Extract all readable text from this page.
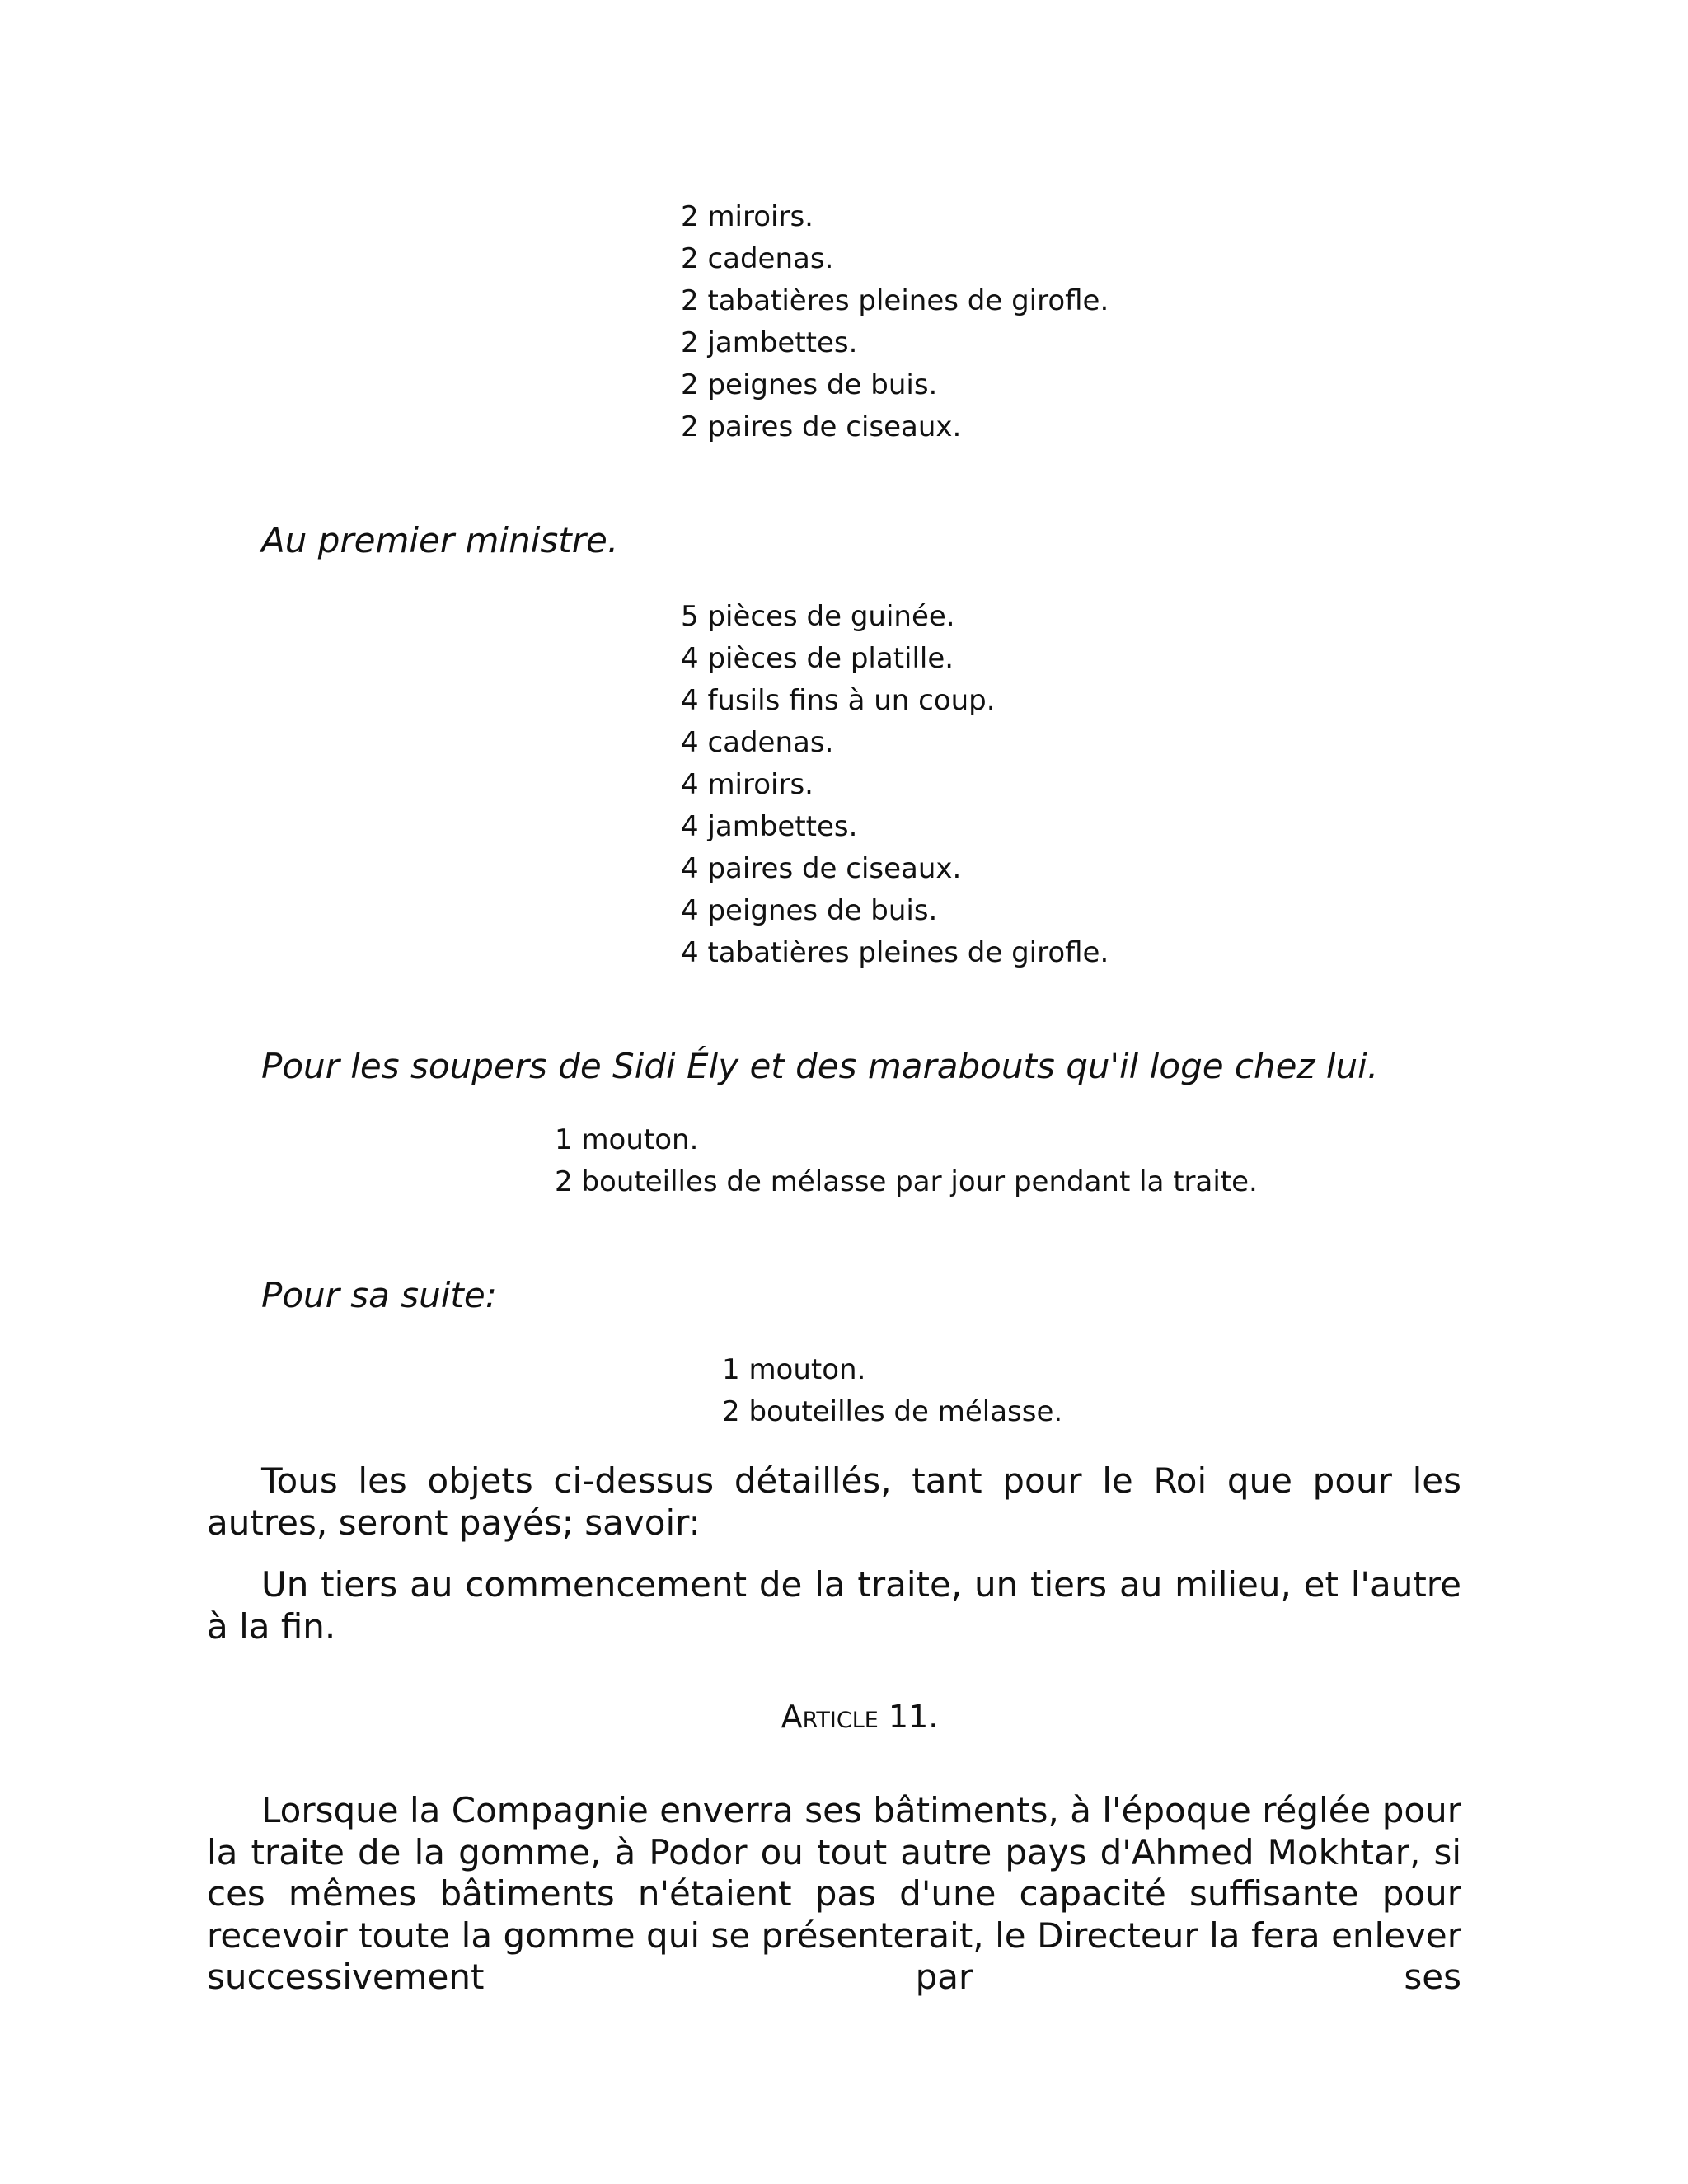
2 miroirs.
2 cadenas.
2 tabatières pleines de girofle.
2 jambettes.
2 peignes de buis.
2 paires de ciseaux.
Au premier ministre.
5 pièces de guinée.
4 pièces de platille.
4 fusils fins à un coup.
4 cadenas.
4 miroirs.
4 jambettes.
4 paires de ciseaux.
4 peignes de buis.
4 tabatières pleines de girofle.
Pour les soupers de Sidi Ély et des marabouts qu'il loge chez lui.
1 mouton.
2 bouteilles de mélasse par jour pendant la traite.
Pour sa suite:
1 mouton.
2 bouteilles de mélasse.

Tous les objets ci-dessus détaillés, tant pour le Roi que pour les autres, seront payés; savoir:

Un tiers au commencement de la traite, un tiers au milieu, et l'autre à la fin.

Article 11.

Lorsque la Compagnie enverra ses bâtiments, à l'époque réglée pour la traite de la gomme, à Podor ou tout autre pays d'Ahmed Mokhtar, si ces mêmes bâtiments n'étaient pas d'une capacité suffisante pour recevoir toute la gomme qui se présenterait, le Directeur la fera enlever successivement par ses
